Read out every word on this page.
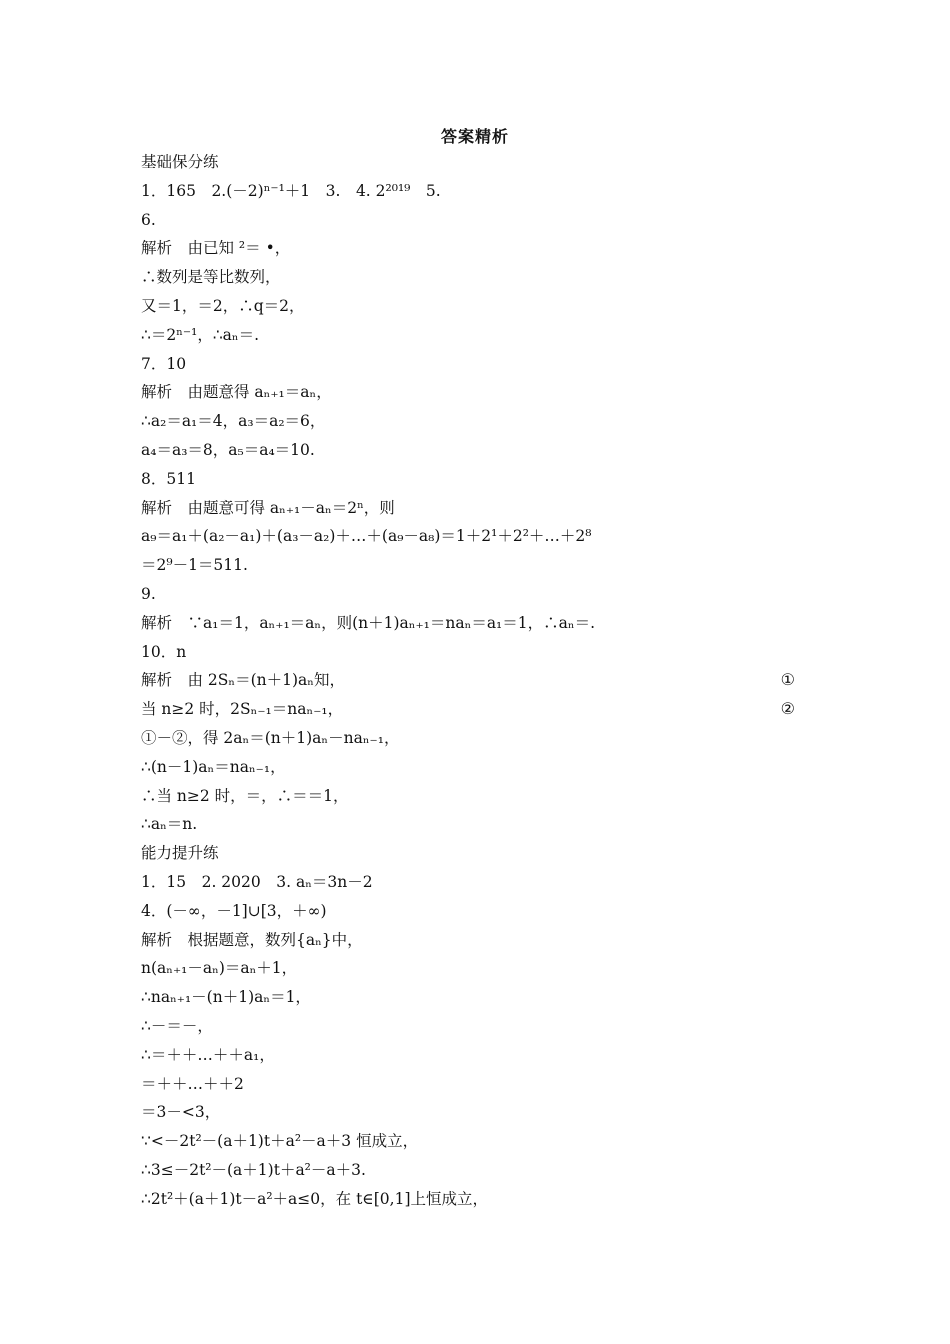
答案精析
基础保分练
1．165　2.(－2)ⁿ⁻¹＋1　3.　4. 2²⁰¹⁹　5.
6.
解析　由已知 ²＝ •，
∴数列是等比数列，
又＝1，＝2，∴q＝2，
∴＝2ⁿ⁻¹，∴aₙ＝.
7．10
解析　由题意得 aₙ₊₁＝aₙ，
∴a₂＝a₁＝4，a₃＝a₂＝6，
a₄＝a₃＝8，a₅＝a₄＝10.
8．511
解析　由题意可得 aₙ₊₁－aₙ＝2ⁿ，则
a₉＝a₁＋(a₂－a₁)＋(a₃－a₂)＋…＋(a₉－a₈)＝1＋2¹＋2²＋…＋2⁸
＝2⁹－1＝511.
9.
解析　∵a₁＝1，aₙ₊₁＝aₙ，则(n＋1)aₙ₊₁＝naₙ＝a₁＝1，∴aₙ＝.
10．n
解析　由 2Sₙ＝(n＋1)aₙ知，	①
当 n≥2 时，2Sₙ₋₁＝naₙ₋₁，	②
①－②，得 2aₙ＝(n＋1)aₙ－naₙ₋₁，
∴(n－1)aₙ＝naₙ₋₁，
∴当 n≥2 时，＝，∴＝＝1，
∴aₙ＝n.
能力提升练
1．15　2. 2020　3. aₙ＝3n－2
4．(－∞，－1]∪[3，＋∞)
解析　根据题意，数列{aₙ}中，
n(aₙ₊₁－aₙ)＝aₙ＋1，
∴naₙ₊₁－(n＋1)aₙ＝1，
∴－＝－，
∴＝＋＋…＋＋a₁，
＝＋＋…＋＋2
＝3－<3，
∵<－2t²－(a＋1)t＋a²－a＋3 恒成立，
∴3≤－2t²－(a＋1)t＋a²－a＋3.
∴2t²＋(a＋1)t－a²＋a≤0，在 t∈[0,1]上恒成立，
